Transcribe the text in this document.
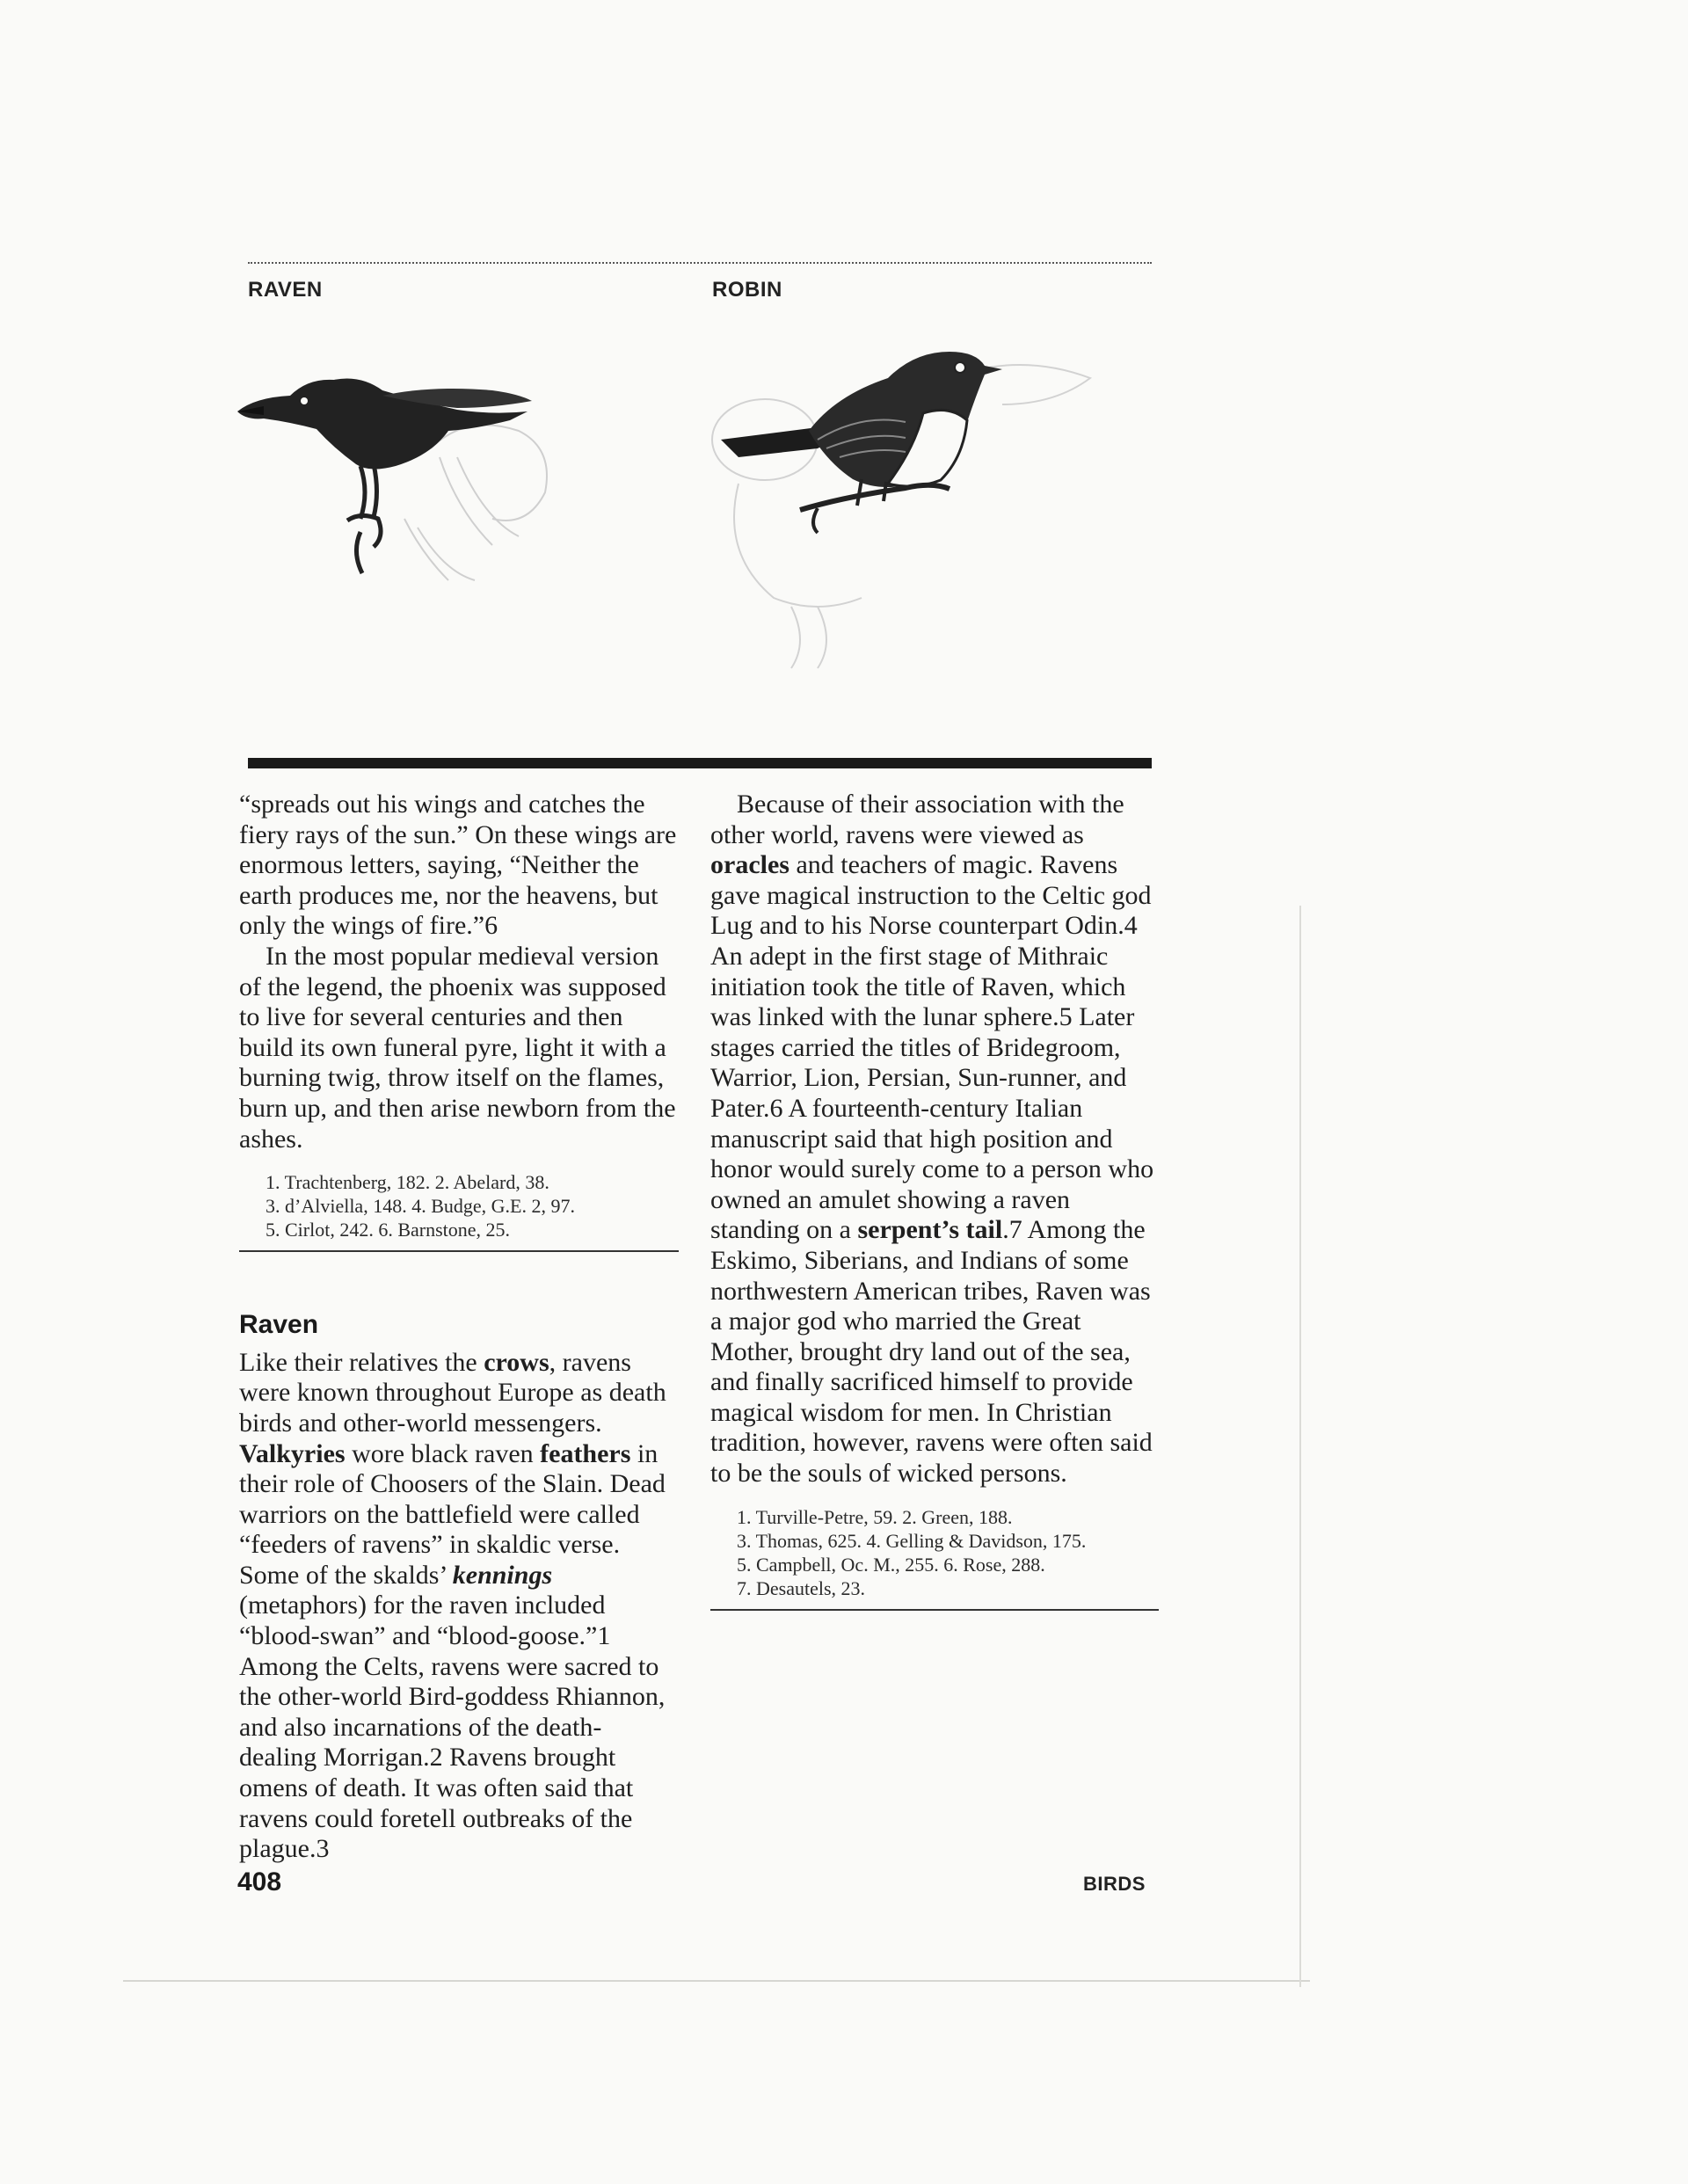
RAVEN	ROBIN

“spreads out his wings and catches the fiery rays of the sun.” On these wings are enormous letters, saying, “Neither the earth produces me, nor the heavens, but only the wings of fire.”6

In the most popular medieval version of the legend, the phoenix was supposed to live for several centuries and then build its own funeral pyre, light it with a burning twig, throw itself on the flames, burn up, and then arise newborn from the ashes.

1. Trachtenberg, 182. 2. Abelard, 38.
3. d’Alviella, 148. 4. Budge, G.E. 2, 97.
5. Cirlot, 242. 6. Barnstone, 25.
Raven

Like their relatives the crows, ravens were known throughout Europe as death birds and other-world messengers. Valkyries wore black raven feathers in their role of Choosers of the Slain. Dead warriors on the battlefield were called “feeders of ravens” in skaldic verse. Some of the skalds’ kennings (metaphors) for the raven included “blood-swan” and “blood-goose.”1 Among the Celts, ravens were sacred to the other-world Bird-goddess Rhiannon, and also incarnations of the death-dealing Morrigan.2 Ravens brought omens of death. It was often said that ravens could foretell outbreaks of the plague.3

Because of their association with the other world, ravens were viewed as oracles and teachers of magic. Ravens gave magical instruction to the Celtic god Lug and to his Norse counterpart Odin.4 An adept in the first stage of Mithraic initiation took the title of Raven, which was linked with the lunar sphere.5 Later stages carried the titles of Bridegroom, Warrior, Lion, Persian, Sun-runner, and Pater.6 A fourteenth-century Italian manuscript said that high position and honor would surely come to a person who owned an amulet showing a raven standing on a serpent’s tail.7 Among the Eskimo, Siberians, and Indians of some northwestern American tribes, Raven was a major god who married the Great Mother, brought dry land out of the sea, and finally sacrificed himself to provide magical wisdom for men. In Christian tradition, however, ravens were often said to be the souls of wicked persons.

1. Turville-Petre, 59. 2. Green, 188.
3. Thomas, 625. 4. Gelling & Davidson, 175.
5. Campbell, Oc. M., 255. 6. Rose, 288.
7. Desautels, 23.
408	BIRDS
